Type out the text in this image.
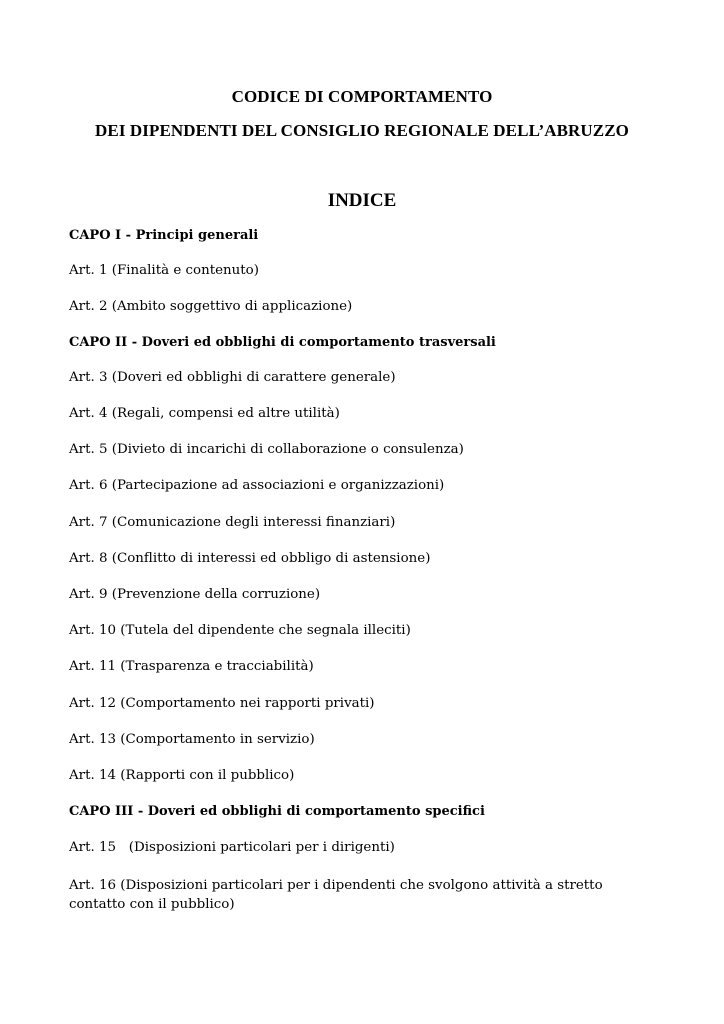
CODICE DI COMPORTAMENTO
DEI DIPENDENTI DEL CONSIGLIO REGIONALE DELL’ABRUZZO
INDICE
CAPO I - Principi generali
Art. 1 (Finalità e contenuto)
Art. 2 (Ambito soggettivo di applicazione)
CAPO II - Doveri ed obblighi di comportamento trasversali
Art. 3 (Doveri ed obblighi di carattere generale)
Art. 4 (Regali, compensi ed altre utilità)
Art. 5 (Divieto di incarichi di collaborazione o consulenza)
Art. 6 (Partecipazione ad associazioni e organizzazioni)
Art. 7 (Comunicazione degli interessi finanziari)
Art. 8 (Conflitto di interessi ed obbligo di astensione)
Art. 9 (Prevenzione della corruzione)
Art. 10 (Tutela del dipendente che segnala illeciti)
Art. 11 (Trasparenza e tracciabilità)
Art. 12 (Comportamento nei rapporti privati)
Art. 13 (Comportamento in servizio)
Art. 14 (Rapporti con il pubblico)
CAPO III - Doveri ed obblighi di comportamento specifici
Art. 15   (Disposizioni particolari per i dirigenti)
Art. 16 (Disposizioni particolari per i dipendenti che svolgono attività a stretto contatto con il pubblico)
